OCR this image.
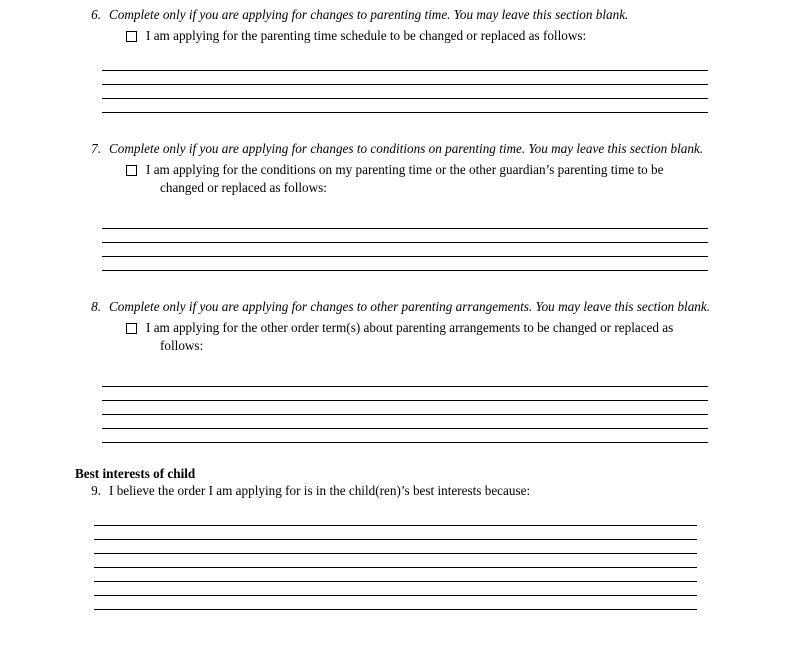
6. Complete only if you are applying for changes to parenting time. You may leave this section blank.
I am applying for the parenting time schedule to be changed or replaced as follows:
7. Complete only if you are applying for changes to conditions on parenting time. You may leave this section blank.
I am applying for the conditions on my parenting time or the other guardian’s parenting time to be
changed or replaced as follows:
8. Complete only if you are applying for changes to other parenting arrangements. You may leave this section blank.
I am applying for the other order term(s) about parenting arrangements to be changed or replaced as
follows:
Best interests of child
9. I believe the order I am applying for is in the child(ren)’s best interests because:
